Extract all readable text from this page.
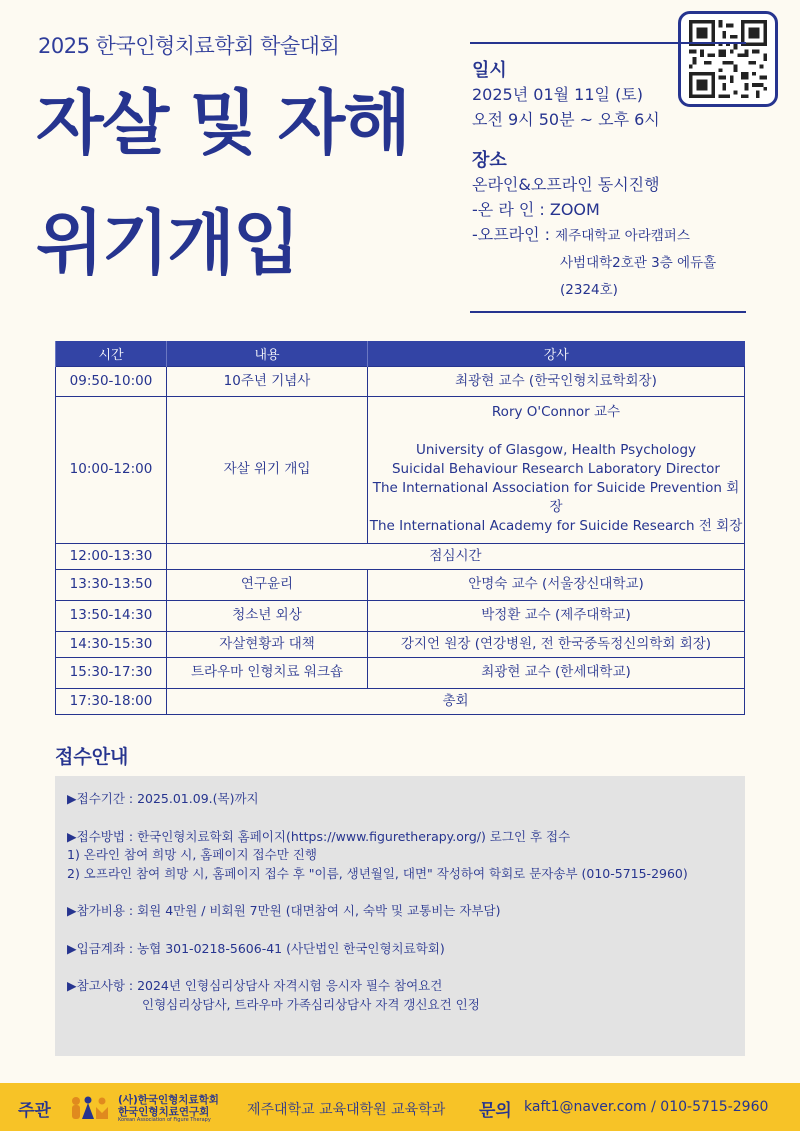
2025 한국인형치료학회 학술대회
자살 및 자해
위기개입
일시
2025년 01월 11일 (토)
오전 9시 50분 ~ 오후 6시
장소
온라인&오프라인 동시진행
-온 라 인 : ZOOM
-오프라인 : 제주대학교 아라캠퍼스
사범대학2호관 3층 에듀홀
(2324호)
시간	내용	강사
09:50-10:00	10주년 기념사	최광현 교수 (한국인형치료학회장)
10:00-12:00	자살 위기 개입	Rory O'Connor 교수
University of Glasgow, Health Psychology
Suicidal Behaviour Research Laboratory Director
The International Association for Suicide Prevention 회장
The International Academy for Suicide Research 전 회장

12:00-13:30	점심시간	
13:30-13:50	연구윤리	안명숙 교수 (서울장신대학교)
13:50-14:30	청소년 외상	박정환 교수 (제주대학교)
14:30-15:30	자살현황과 대책	강지언 원장 (연강병원, 전 한국중독정신의학회 회장)
15:30-17:30	트라우마 인형치료 워크숍	최광현 교수 (한세대학교)
17:30-18:00	총회	
접수안내
▶접수기간 : 2025.01.09.(목)까지
▶접수방법 : 한국인형치료학회 홈페이지(https://www.figuretherapy.org/) 로그인 후 접수
1) 온라인 참여 희망 시, 홈페이지 접수만 진행
2) 오프라인 참여 희망 시, 홈페이지 접수 후 "이름, 생년월일, 대면" 작성하여 학회로 문자송부 (010-5715-2960)
▶참가비용 : 회원 4만원 / 비회원 7만원 (대면참여 시, 숙박 및 교통비는 자부담)
▶입금계좌 : 농협 301-0218-5606-41 (사단법인 한국인형치료학회)
▶참고사항 : 2024년 인형심리상담사 자격시험 응시자 필수 참여요건
인형심리상담사, 트라우마 가족심리상담사 자격 갱신요건 인정
주관
(사)한국인형치료학회
한국인형치료연구회
Korean Association of Figure Therapy
제주대학교 교육대학원 교육학과 문의 kaft1@naver.com / 010-5715-2960
